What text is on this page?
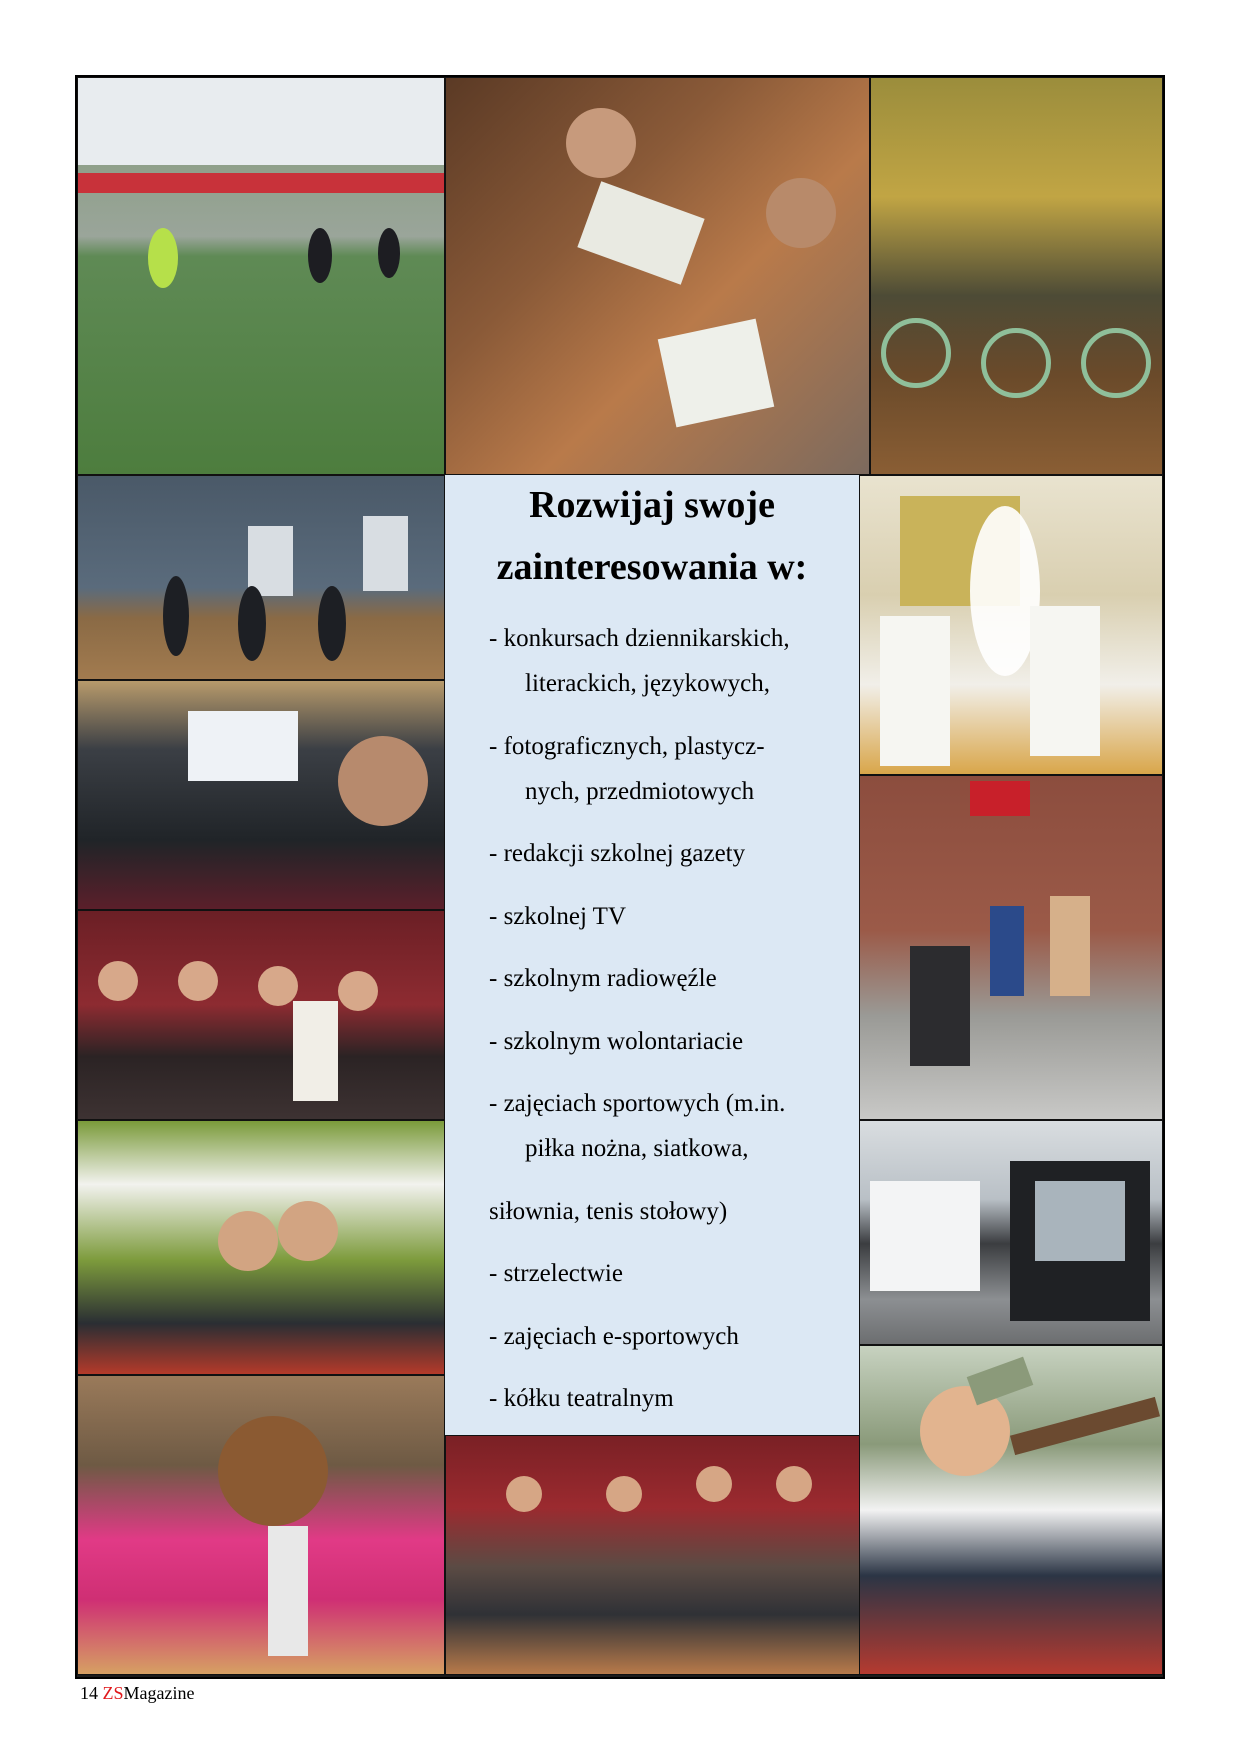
Rozwijaj swoje
zainteresowania w:
- konkursach dziennikarskich,
literackich, językowych,
- fotograficznych, plastycz-
nych, przedmiotowych
- redakcji szkolnej gazety
- szkolnej TV
- szkolnym radiowęźle
- szkolnym wolontariacie
- zajęciach sportowych (m.in.
piłka nożna, siatkowa,
siłownia, tenis stołowy)
- strzelectwie
- zajęciach e-sportowych
- kółku teatralnym
14 ZSMagazine
